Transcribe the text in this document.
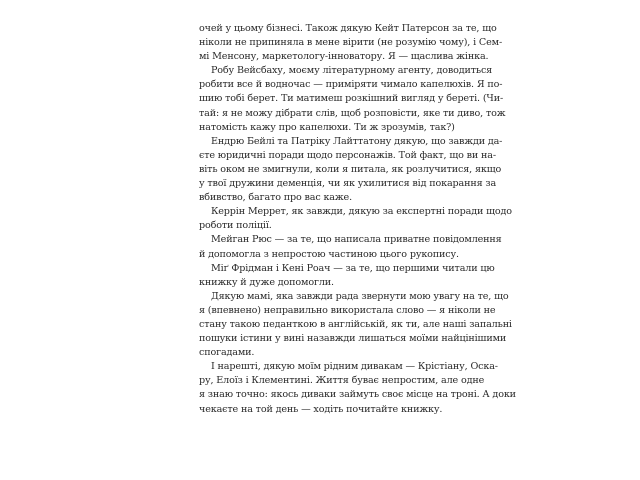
очей у цьому бізнесі. Також дякую Кейт Патерсон за те, що
ніколи не припиняла в мене вірити (не розумію чому), і Сем-
мі Менсону, маркетологу-інноватору. Я — щаслива жінка.
Робу Вейсбаху, моєму літературному агенту, доводиться
робити все й водночас — приміряти чимало капелюхів. Я по-
шию тобі берет. Ти матимеш розкішний вигляд у береті. (Чи-
тай: я не можу дібрати слів, щоб розповісти, яке ти диво, тож
натомість кажу про капелюхи. Ти ж зрозумів, так?)
Ендрю Бейлі та Патріку Лайттатону дякую, що завжди да-
єте юридичні поради щодо персонажів. Той факт, що ви на-
віть оком не змигнули, коли я питала, як розлучитися, якщо
у твої дружини деменція, чи як ухилитися від покарання за
вбивство, багато про вас каже.
Керрін Меррет, як завжди, дякую за експертні поради щодо
роботи поліції.
Мейган Рюс — за те, що написала приватне повідомлення
й допомогла з непростою частиною цього рукопису.
Міґ Фрідман і Кені Роач — за те, що першими читали цю
книжку й дуже допомогли.
Дякую мамі, яка завжди рада звернути мою увагу на те, що
я (впевнено) неправильно використала слово — я ніколи не
стану такою педанткою в англійській, як ти, але наші запальні
пошуки істини у вині назавжди лишаться моїми найцінішими
спогадами.
І нарешті, дякую моїм рідним дивакам — Крістіану, Оска-
ру, Елоїз і Клементині. Життя буває непростим, але одне
я знаю точно: якось диваки займуть своє місце на троні. А доки
чекаєте на той день — ходіть почитайте книжку.
